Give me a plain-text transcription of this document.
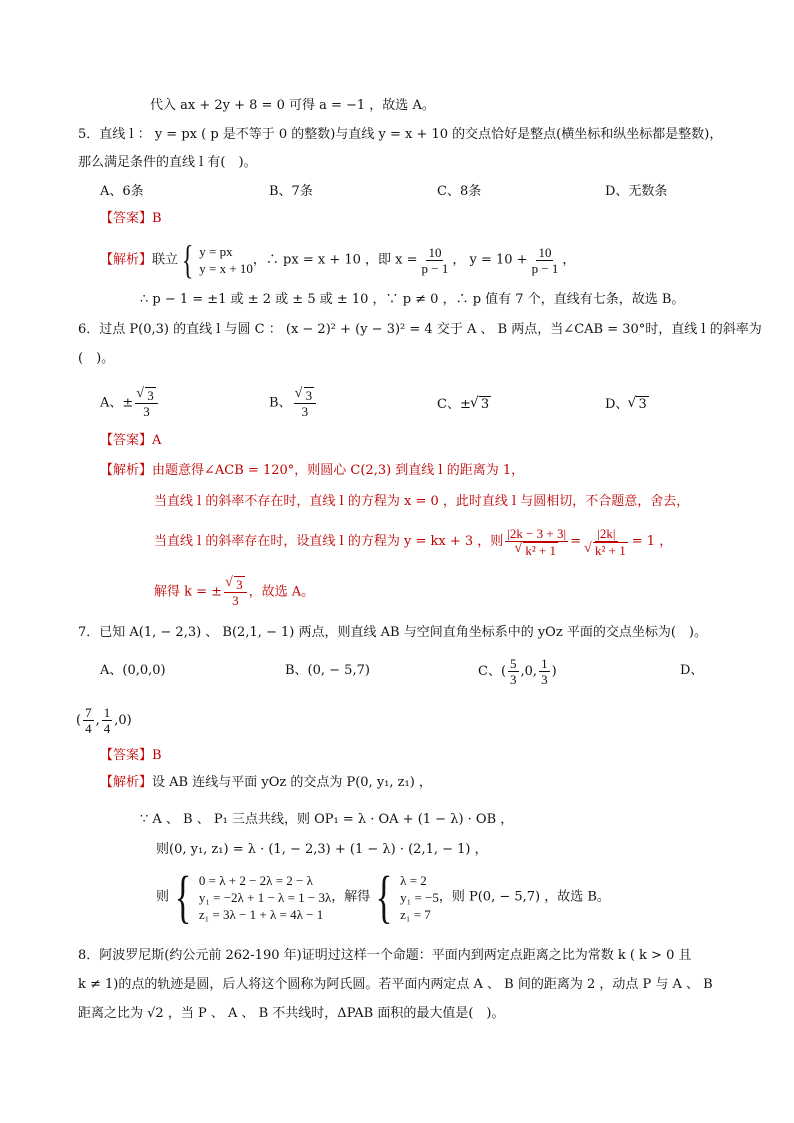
代入 ax + 2y + 8 = 0 可得 a = −1 ，故选 A。
5．直线 l ： y = px ( p 是不等于 0 的整数)与直线 y = x + 10 的交点恰好是整点(横坐标和纵坐标都是整数)，
那么满足条件的直线 l 有(　)。
A、6条	B、7条	C、8条	D、无数条
【答案】B
【解析】联立 { y = px
y = x + 10
，∴ px = x + 10 ，即 $x = \frac{10}{p - 1}$ ， $y = 10 + \frac{10}{p - 1}$ ，
∴ p − 1 = ±1 或 ± 2 或 ± 5 或 ± 10 ，∵ p ≠ 0 ，∴ p 值有 7 个，直线有七条，故选 B。
6．过点 P(0,3) 的直线 l 与圆 C ： (x − 2)² + (y − 3)² = 4 交于 A 、 B 两点，当∠CAB = 30°时，直线 l 的斜率为
(　)。
A、± √ $\frac{3}{3}$	B、 √ $\frac{3}{3}$	C、± √ 3	D、 √ 3
【答案】A
【解析】由题意得∠ACB = 120°，则圆心 C(2,3) 到直线 l 的距离为 1，
当直线 l 的斜率不存在时，直线 l 的方程为 x = 0 ，此时直线 l 与圆相切，不合题意，舍去，
当直线 l 的斜率存在时，设直线 l 的方程为 y = kx + 3 ，则 |2k − 3 + 3|
√ k² + 1 = |2k|
√ k² + 1 = 1 ，
解得 k = ± √ $\frac{3}{3}$ ，故选 A。
7．已知 A(1, − 2,3) 、 B(2,1, − 1) 两点，则直线 AB 与空间直角坐标系中的 yOz 平面的交点坐标为(　)。
A、(0,0,0)	B、(0, − 5,7)	C、( $\frac{5}{3} ,0$, $\frac{1}{3}$ )	D、
( $\frac{7}{4}$ , $\frac{1}{4} ,0$)
【答案】B
【解析】设 AB 连线与平面 yOz 的交点为 P(0, y₁, z₁) ，
∵ A 、 B 、 P₁ 三点共线，则 OP₁ = λ · OA + (1 − λ) · OB ，
则(0, y₁, z₁) = λ · (1, − 2,3) + (1 − λ) · (2,1, − 1) ，
则 { 0 = λ + 2 − 2λ = 2 − λ
y₁ = −2λ + 1 − λ = 1 − 3λ
z₁ = 3λ − 1 + λ = 4λ − 1
，解得 { λ = 2
y₁ = −5
z₁ = 7
，则 P(0, − 5,7) ，故选 B。
8．阿波罗尼斯(约公元前 262-190 年)证明过这样一个命题：平面内到两定点距离之比为常数 k ( k > 0 且
k ≠ 1)的点的轨迹是圆，后人将这个圆称为阿氏圆。若平面内两定点 A 、 B 间的距离为 2 ，动点 P 与 A 、 B
距离之比为 √2 ，当 P 、 A 、 B 不共线时，ΔPAB 面积的最大值是(　)。
